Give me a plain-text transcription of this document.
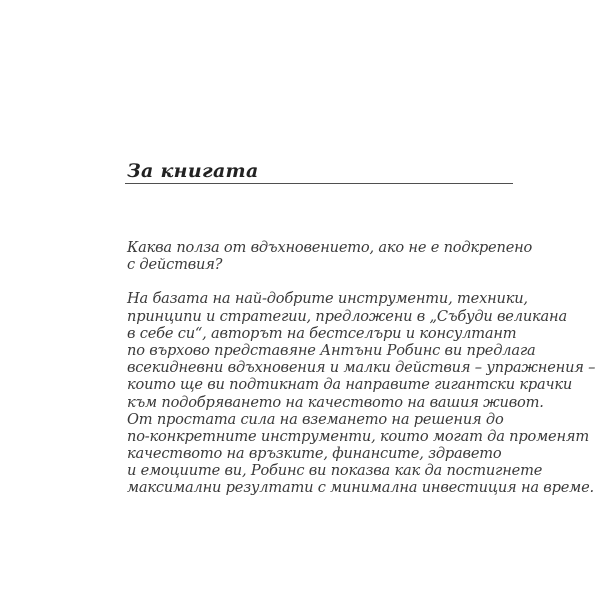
За книгата
Каква полза от вдъхновението, ако не е подкрепено
с действия?
На базата на най-добрите инструменти, техники,
принципи и стратегии, предложени в „Събуди великана
в себе си“, авторът на бестселъри и консултант
по върхово представяне Антъни Робинс ви предлага
всекидневни вдъхновения и малки действия – упражнения –
които ще ви подтикнат да направите гигантски крачки
към подобряването на качеството на вашия живот.
От простата сила на вземането на решения до
по-конкретните инструменти, които могат да променят
качеството на връзките, финансите, здравето
и емоциите ви, Робинс ви показва как да постигнете
максимални резултати с минимална инвестиция на време.
